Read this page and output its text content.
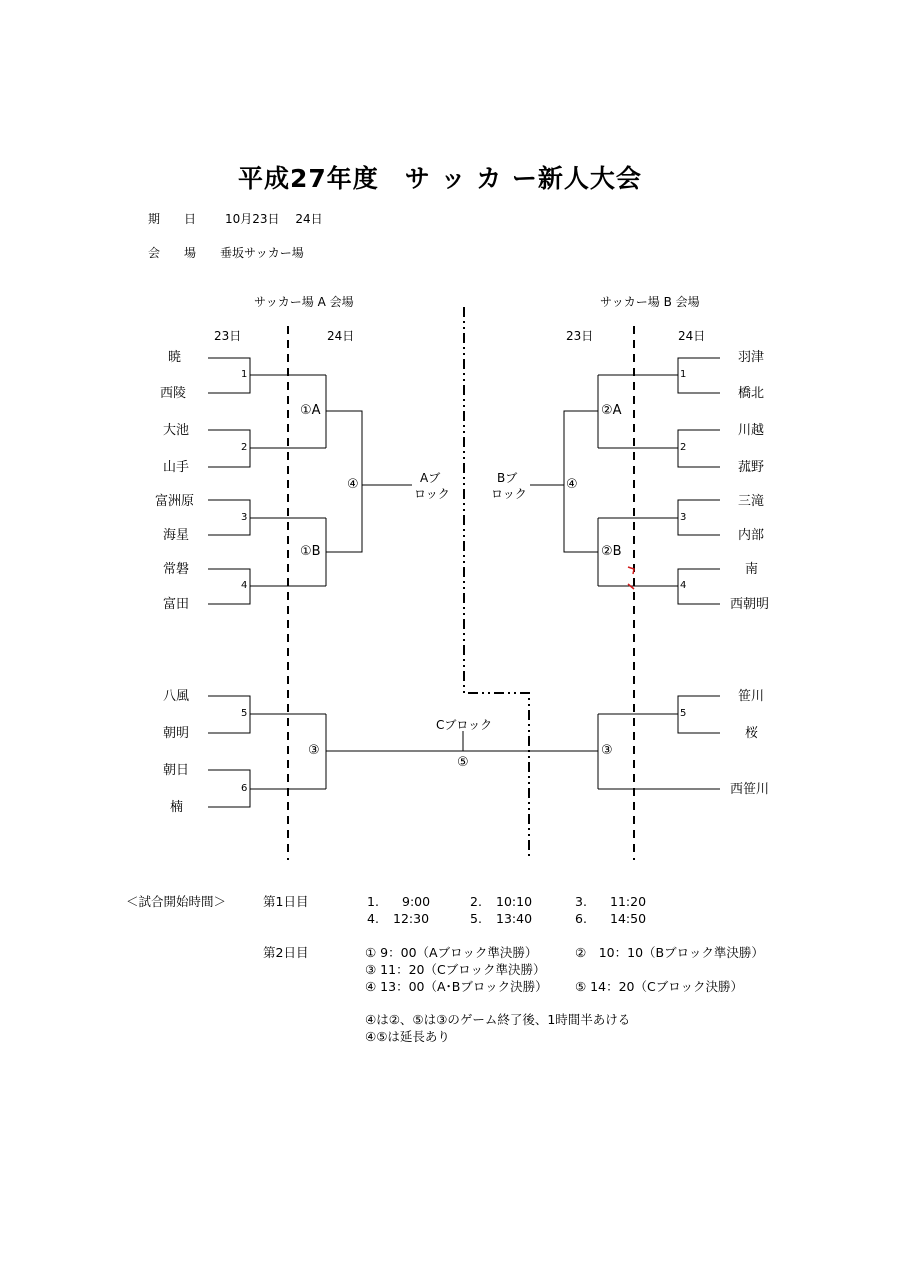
平成27年度　サ ッ カ ー新人大会
期　　日 10月23日　 24日
会　　場 垂坂サッカー場
サッカー場 A 会場	サッカー場 B 会場
23日	24日	23日	24日
暁
西陵
大池
山手
富洲原
海星
常磐
富田
八風
朝明
朝日
楠
羽津
橋北
川越
菰野
三滝
内部
南
西朝明
笹川
桜
西笹川
1
2
3
4
5
6
1
2
3
4
5
①A
①B
④
③
②A
②B
④
③
⑤
Aブ
ロック
Bブ
ロック
Cブロック
＜試合開始時間＞	第1日目	1. 9:00	2. 10:10	3. 11:20
4. 12:30	5. 13:40	6. 14:50
第2日目	① 9：00（Aブロック準決勝）	②　10：10（Bブロック準決勝）
③ 11：20（Cブロック準決勝）
④ 13：00（A･Bブロック決勝） ⑤ 14：20（Cブロック決勝）
④は②、⑤は③のゲーム終了後、1時間半あける
④⑤は延長あり
